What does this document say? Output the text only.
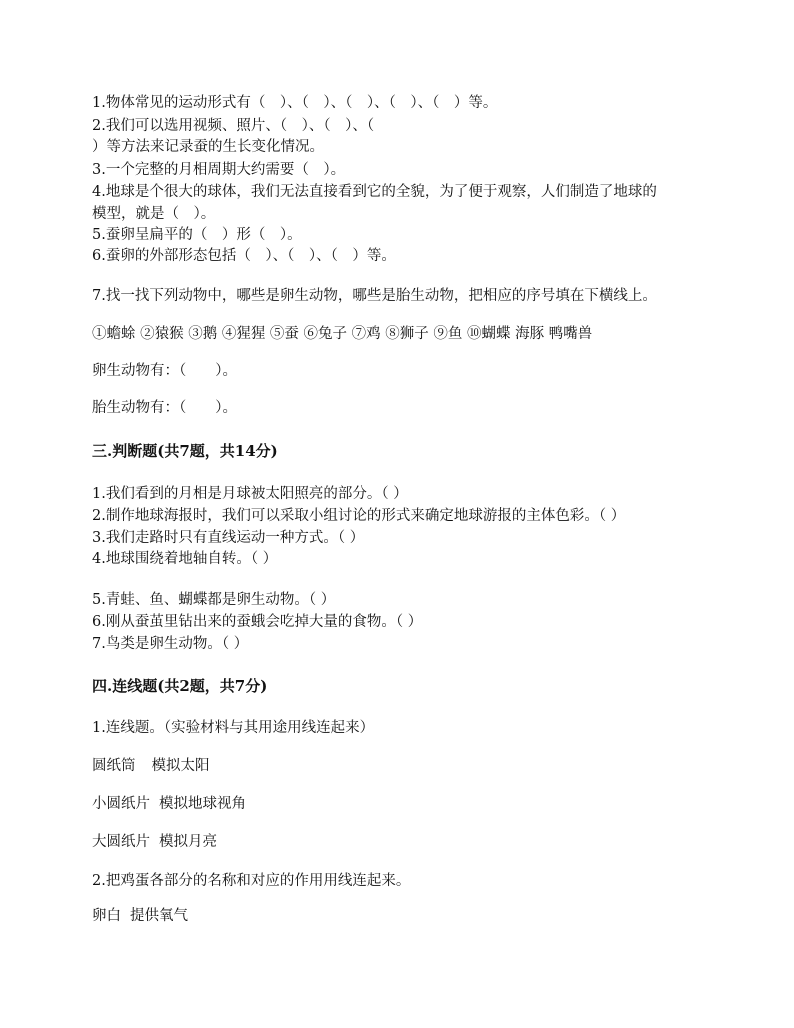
1.物体常见的运动形式有（　）、（　）、（　）、（　）、（　）等。
2.我们可以选用视频、照片、（　）、（　）、（
）等方法来记录蚕的生长变化情况。
3.一个完整的月相周期大约需要（　）。
4.地球是个很大的球体，我们无法直接看到它的全貌，为了便于观察，人们制造了地球的
模型，就是（　）。
5.蚕卵呈扁平的（　）形（　）。
6.蚕卵的外部形态包括（　）、（　）、（　）等。
7.找一找下列动物中，哪些是卵生动物，哪些是胎生动物，把相应的序号填在下横线上。
①蟾蜍 ②猿猴 ③鹅 ④猩猩 ⑤蚕 ⑥兔子 ⑦鸡 ⑧狮子 ⑨鱼 ⑩蝴蝶 海豚 鸭嘴兽
卵生动物有：（　　）。
胎生动物有：（　　）。
三.判断题(共7题，共14分)
1.我们看到的月相是月球被太阳照亮的部分。（ ）
2.制作地球海报时，我们可以采取小组讨论的形式来确定地球游报的主体色彩。（ ）
3.我们走路时只有直线运动一种方式。（ ）
4.地球围绕着地轴自转。（ ）
5.青蛙、鱼、蝴蝶都是卵生动物。（ ）
6.刚从蚕茧里钻出来的蚕蛾会吃掉大量的食物。（ ）
7.鸟类是卵生动物。（ ）
四.连线题(共2题，共7分)
1.连线题。（实验材料与其用途用线连起来）
圆纸筒 模拟太阳
小圆纸片 模拟地球视角
大圆纸片 模拟月亮
2.把鸡蛋各部分的名称和对应的作用用线连起来。
卵白 提供氧气
